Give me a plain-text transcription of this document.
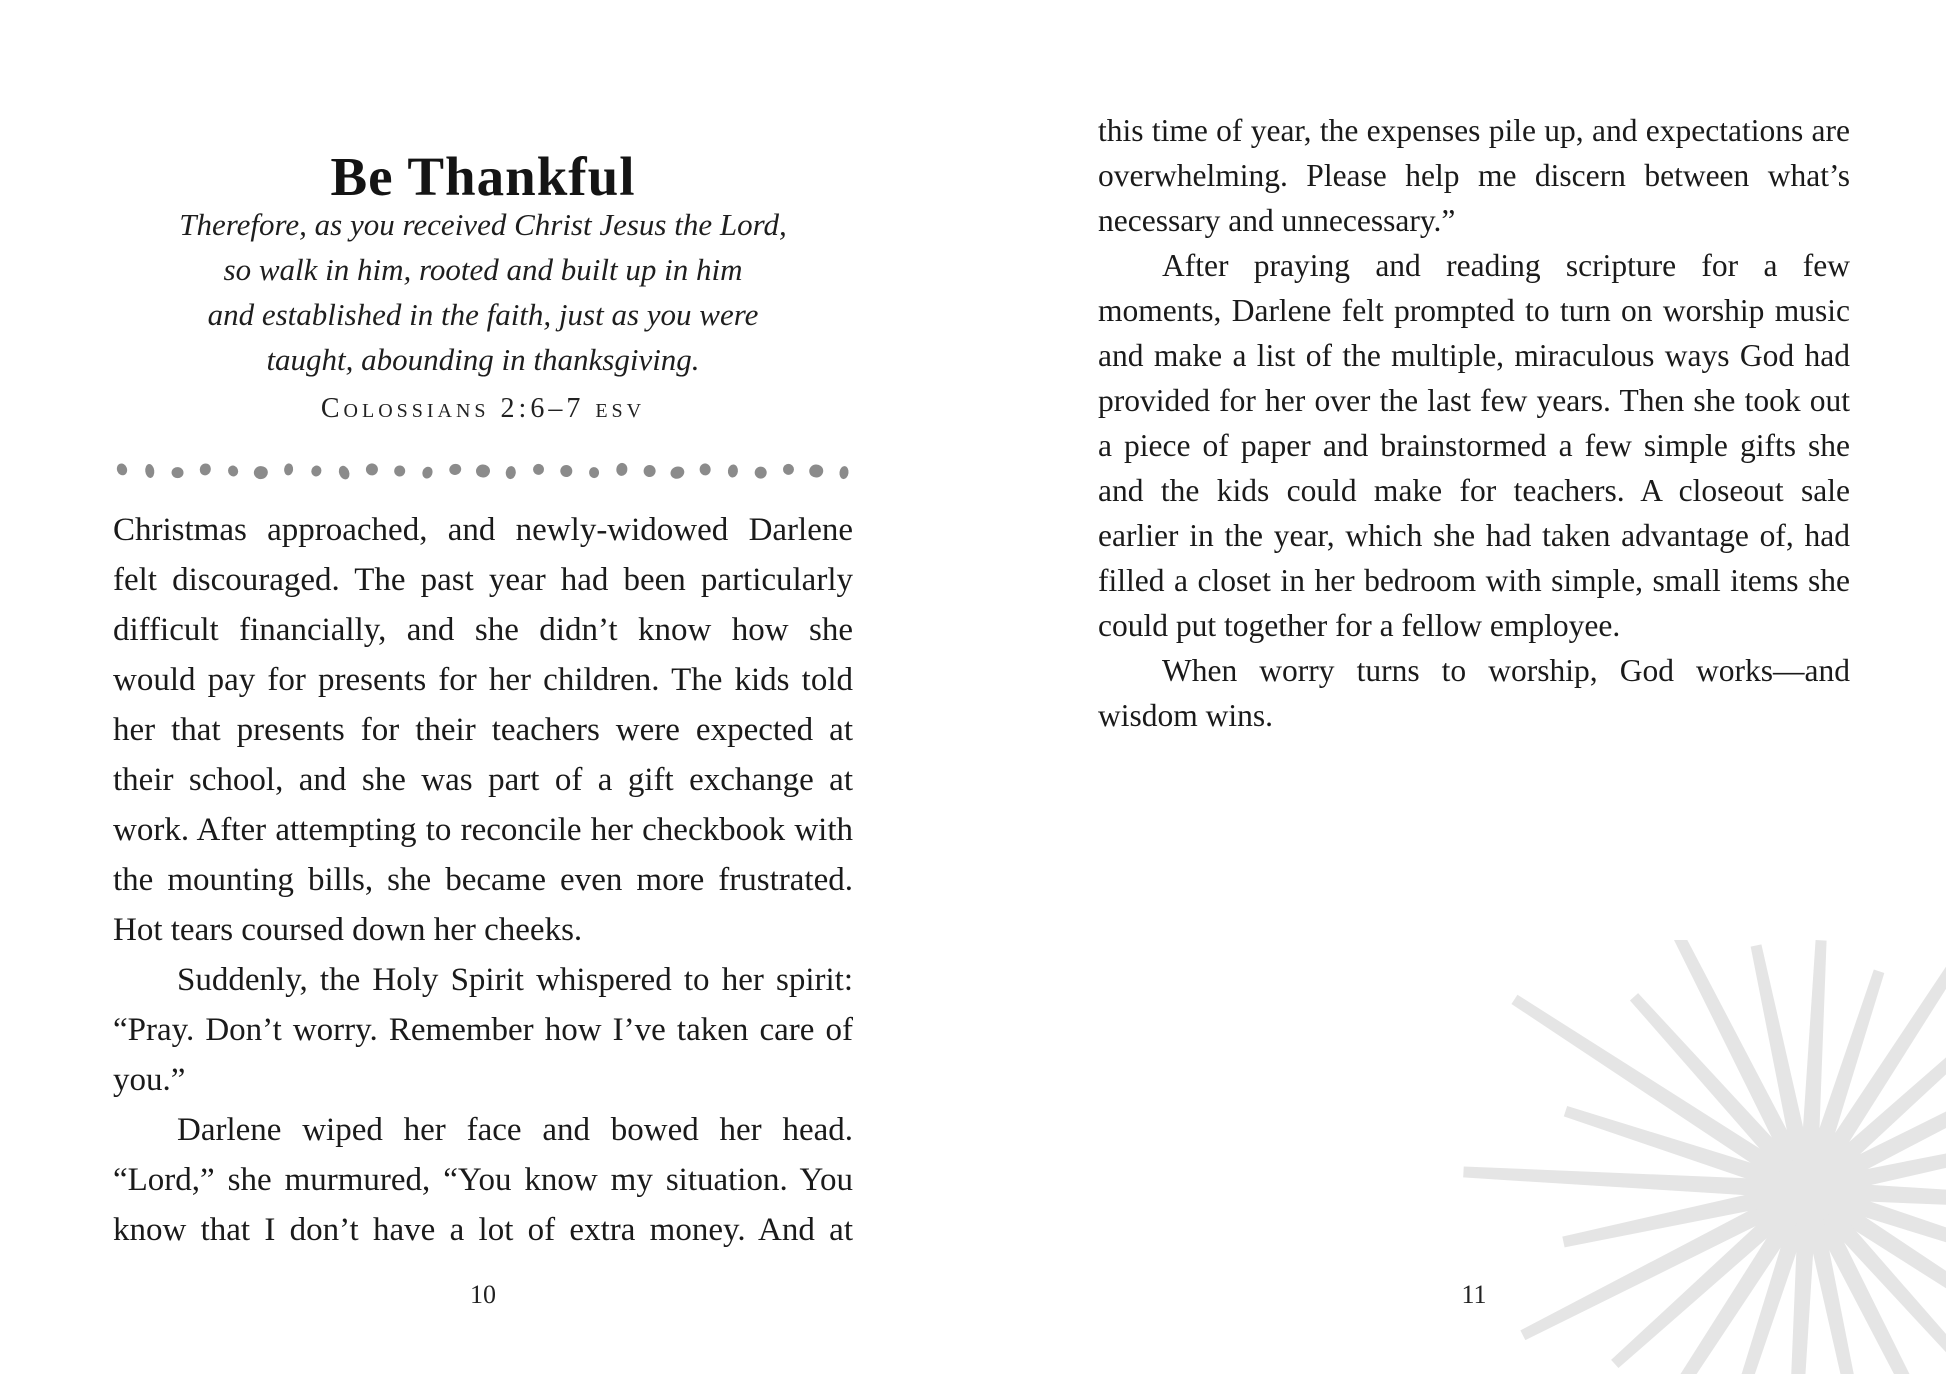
Be Thankful
Therefore, as you received Christ Jesus the Lord,
so walk in him, rooted and built up in him
and established in the faith, just as you were
taught, abounding in thanksgiving.
Colossians 2:6–7 esv

Christmas approached, and newly-widowed Darlene felt discouraged. The past year had been particularly difficult financially, and she didn’t know how she would pay for presents for her children. The kids told her that presents for their teachers were expected at their school, and she was part of a gift exchange at work. After attempting to reconcile her checkbook with the mounting bills, she became even more frustrated. Hot tears coursed down her cheeks.

Suddenly, the Holy Spirit whispered to her spirit: “Pray. Don’t worry. Remember how I’ve taken care of you.”

Darlene wiped her face and bowed her head. “Lord,” she murmured, “You know my situation. You know that I don’t have a lot of extra money. And at

10

this time of year, the expenses pile up, and expectations are overwhelming. Please help me discern between what’s necessary and unnecessary.”

After praying and reading scripture for a few moments, Darlene felt prompted to turn on worship music and make a list of the multiple, miraculous ways God had provided for her over the last few years. Then she took out a piece of paper and brainstormed a few simple gifts she and the kids could make for teachers. A closeout sale earlier in the year, which she had taken advantage of, had filled a closet in her bedroom with simple, small items she could put together for a fellow employee.

When worry turns to worship, God works—and wisdom wins.

11
